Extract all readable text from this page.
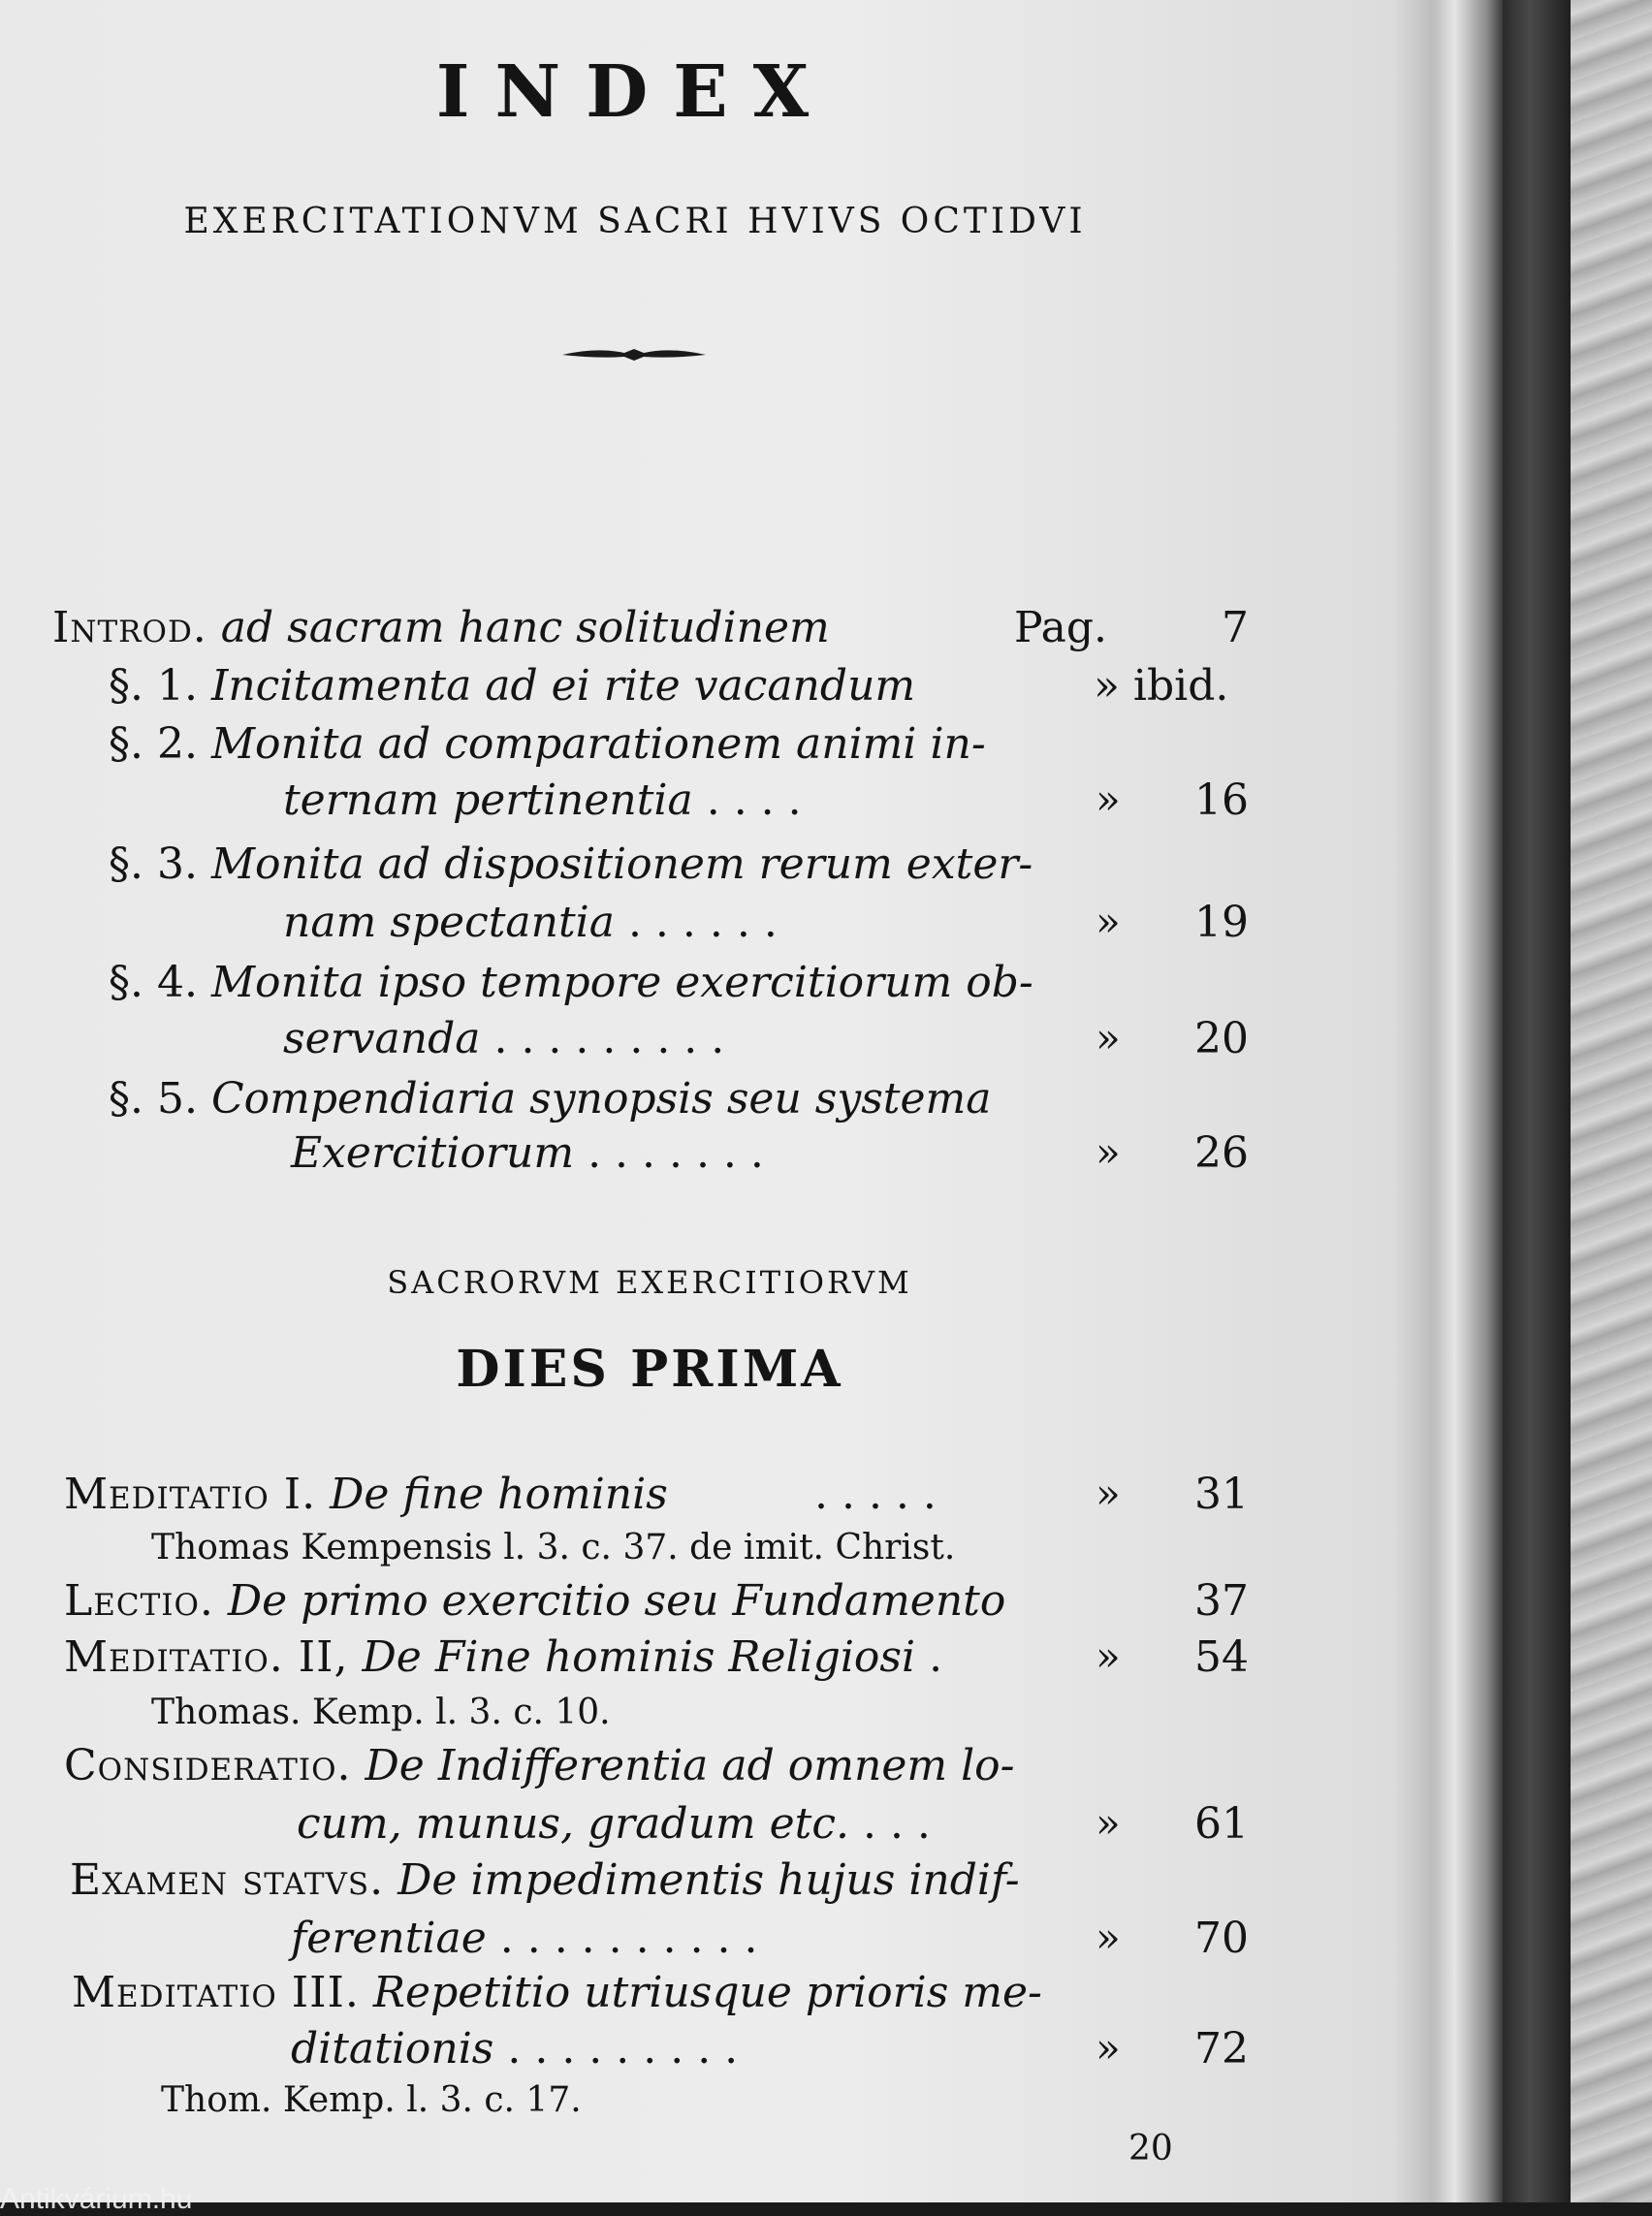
INDEX
EXERCITATIONVM SACRI HVIVS OCTIDVI
Introd. ad sacram hanc solitudinem	Pag.	7
§. 1. Incitamenta ad ei rite vacandum	» ibid.
§. 2. Monita ad comparationem animi in-
ternam pertinentia . . . .	»	16
§. 3. Monita ad dispositionem rerum exter-
nam spectantia . . . . . .	»	19
§. 4. Monita ipso tempore exercitiorum ob-
servanda . . . . . . . . .	»	20
§. 5. Compendiaria synopsis seu systema
Exercitiorum . . . . . . .	»	26
SACRORVM EXERCITIORVM
DIES PRIMA
Meditatio I. De fine hominis	. . . . .	»	31
Thomas Kempensis l. 3. c. 37. de imit. Christ.
Lectio. De primo exercitio seu Fundamento	37
Meditatio. II, De Fine hominis Religiosi .	»	54
Thomas. Kemp. l. 3. c. 10.
Consideratio. De Indifferentia ad omnem lo-
cum, munus, gradum etc. . . .	»	61
Examen statvs. De impedimentis hujus indif-
ferentiae . . . . . . . . . .	»	70
Meditatio III. Repetitio utriusque prioris me-
ditationis . . . . . . . . .	»	72
Thom. Kemp. l. 3. c. 17.
20
Antikvárium.hu
